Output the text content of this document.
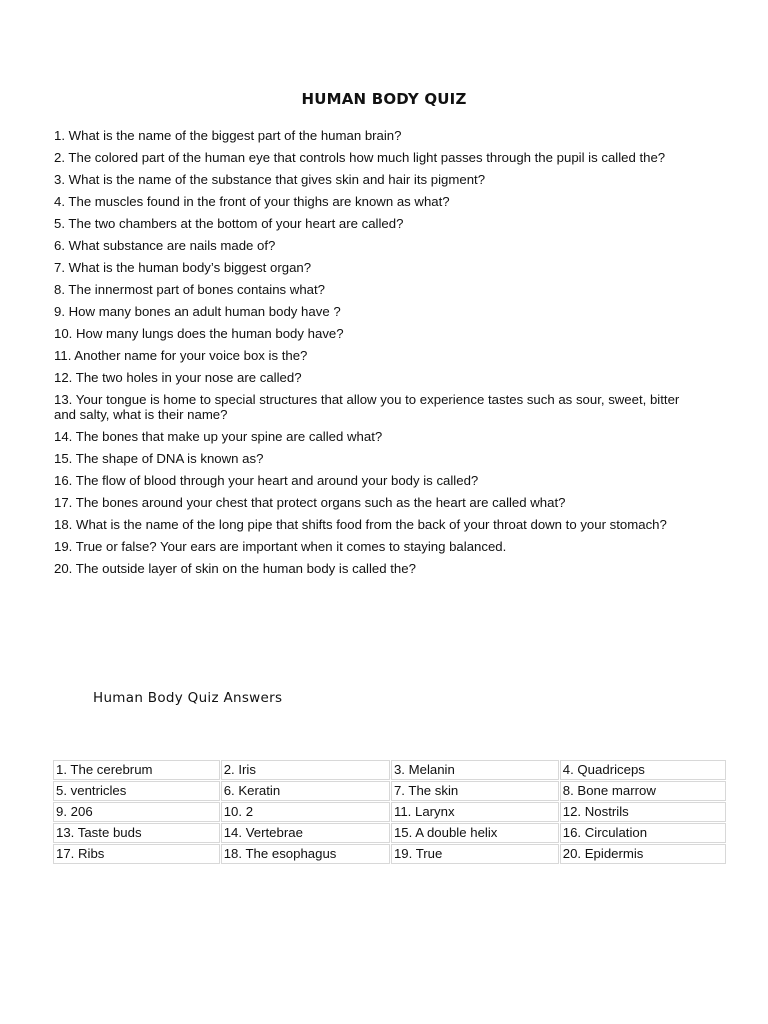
HUMAN BODY QUIZ
1. What is the name of the biggest part of the human brain?
2. The colored part of the human eye that controls how much light passes through the pupil is called the?
3. What is the name of the substance that gives skin and hair its pigment?
4. The muscles found in the front of your thighs are known as what?
5. The two chambers at the bottom of your heart are called?
6. What substance are nails made of?
7. What is the human body’s biggest organ?
8. The innermost part of bones contains what?
9. How many bones an adult human body have ?
10. How many lungs does the human body have?
11. Another name for your voice box is the?
12. The two holes in your nose are called?
13. Your tongue is home to special structures that allow you to experience tastes such as sour, sweet, bitter and salty, what is their name?
14. The bones that make up your spine are called what?
15. The shape of DNA is known as?
16. The flow of blood through your heart and around your body is called?
17. The bones around your chest that protect organs such as the heart are called what?
18. What is the name of the long pipe that shifts food from the back of your throat down to your stomach?
19. True or false? Your ears are important when it comes to staying balanced.
20. The outside layer of skin on the human body is called the?
Human Body Quiz Answers
1. The cerebrum	2. Iris	3. Melanin	4. Quadriceps
5. ventricles	6. Keratin	7. The skin	8. Bone marrow
9. 206	10. 2	11. Larynx	12. Nostrils
13. Taste buds	14. Vertebrae	15. A double helix	16. Circulation
17. Ribs	18. The esophagus	19. True	20. Epidermis
